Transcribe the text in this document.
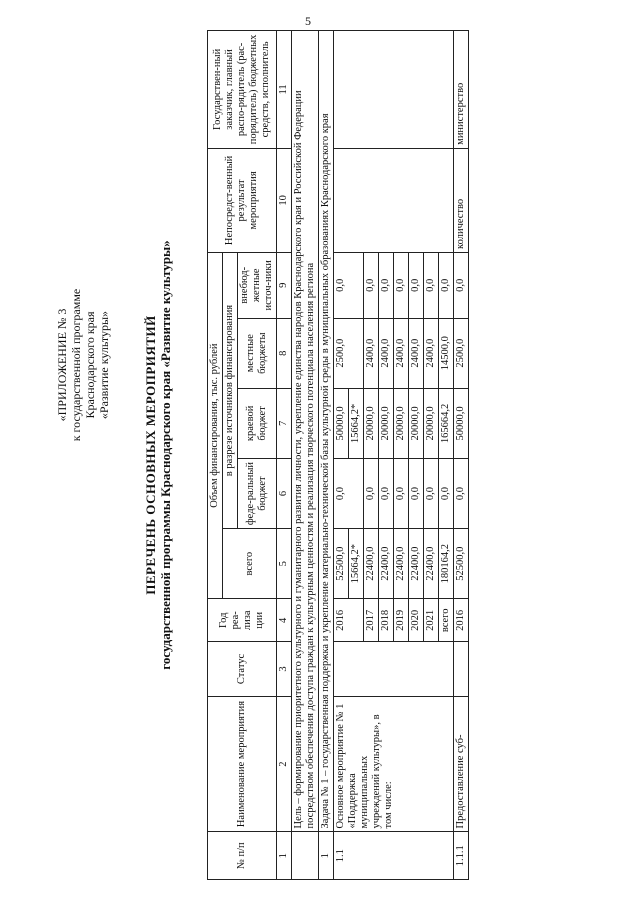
5
«ПРИЛОЖЕНИЕ № 3 к государственной программе Краснодарского края «Развитие культуры» ПЕРЕЧЕНЬ ОСНОВНЫХ МЕРОПРИЯТИЙ государственной программы Краснодарского края «Развитие культуры»

№ п/п	Наименование мероприятия	Статус	Год реа-лиза ции	Объем финансирования, тыс. рублей					Непосредст-венный результат мероприятия	Государствен-ный заказчик, главный распо-рядитель (рас-порядитель) бюджетных средств, исполнитель
				всего	в разрезе источников финансирования					
					феде-ральный бюджет	краевой бюджет	местные бюджеты	внебюд-жетные источ-ники		
1	2	3	4	5	6	7	8	9	10	11
	Цель – формирование приоритетного культурного и гуманитарного развития личности, укрепление единства народов Краснодарского края и Российской Федерации посредством обеспечения доступа граждан к культурным ценностям и реализация творческого потенциала населения региона									
1	Задача № 1 – государственная поддержка и укрепление материально-технической базы культурной среды в муниципальных образованиях Краснодарского края									
1.1	Основное мероприятие № 1 «Поддержка муниципальных учреждений культуры», в том числе:		2016	52500,0	0,0	50000,0	2500,0	0,0		
				15664,2*		15664,2*				
			2017	22400,0	0,0	20000,0	2400,0	0,0		
			2018	22400,0	0,0	20000,0	2400,0	0,0		
			2019	22400,0	0,0	20000,0	2400,0	0,0		
			2020	22400,0	0,0	20000,0	2400,0	0,0		
			2021	22400,0	0,0	20000,0	2400,0	0,0		
			всего	180164,2	0,0	165664,2	14500,0	0,0		
1.1.1	Предоставление суб-		2016	52500,0	0,0	50000,0	2500,0	0,0	количество	министерство
